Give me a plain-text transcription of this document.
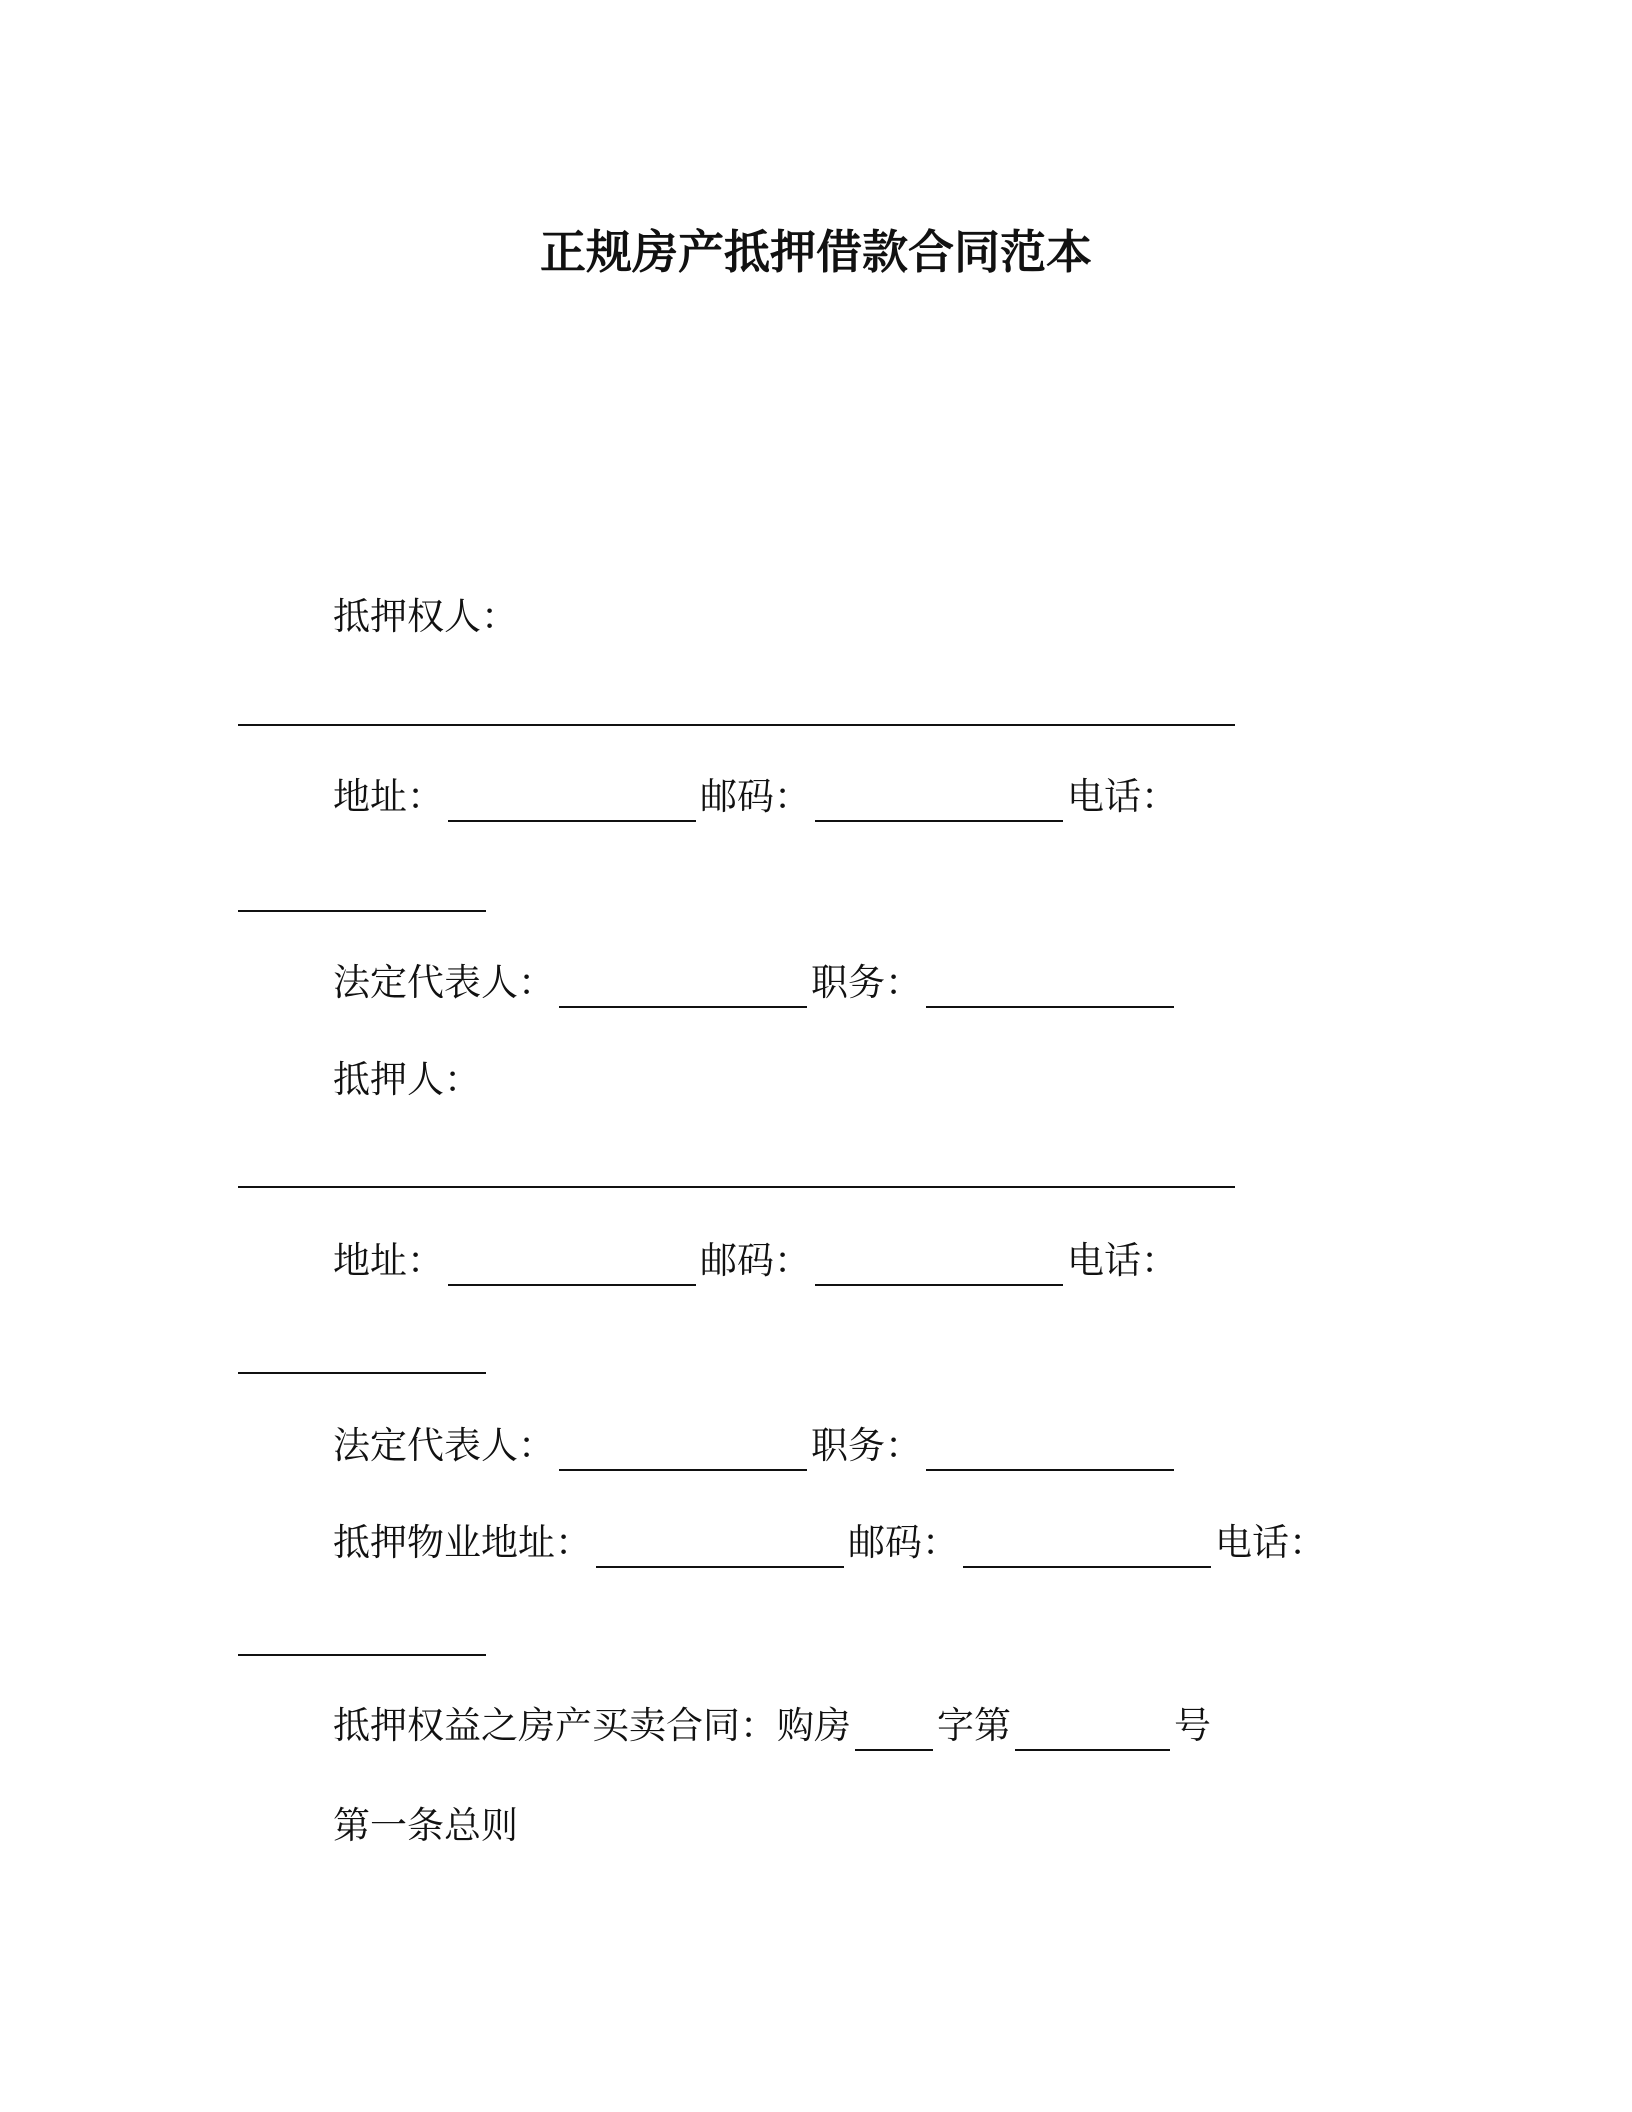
正规房产抵押借款合同范本
抵押权人：
地址：	邮码：	电话：
法定代表人：	职务：
抵押人：
地址：	邮码：	电话：
法定代表人：	职务：
抵押物业地址：	邮码：	电话：
抵押权益之房产买卖合同：购房 字第	号
第一条总则
